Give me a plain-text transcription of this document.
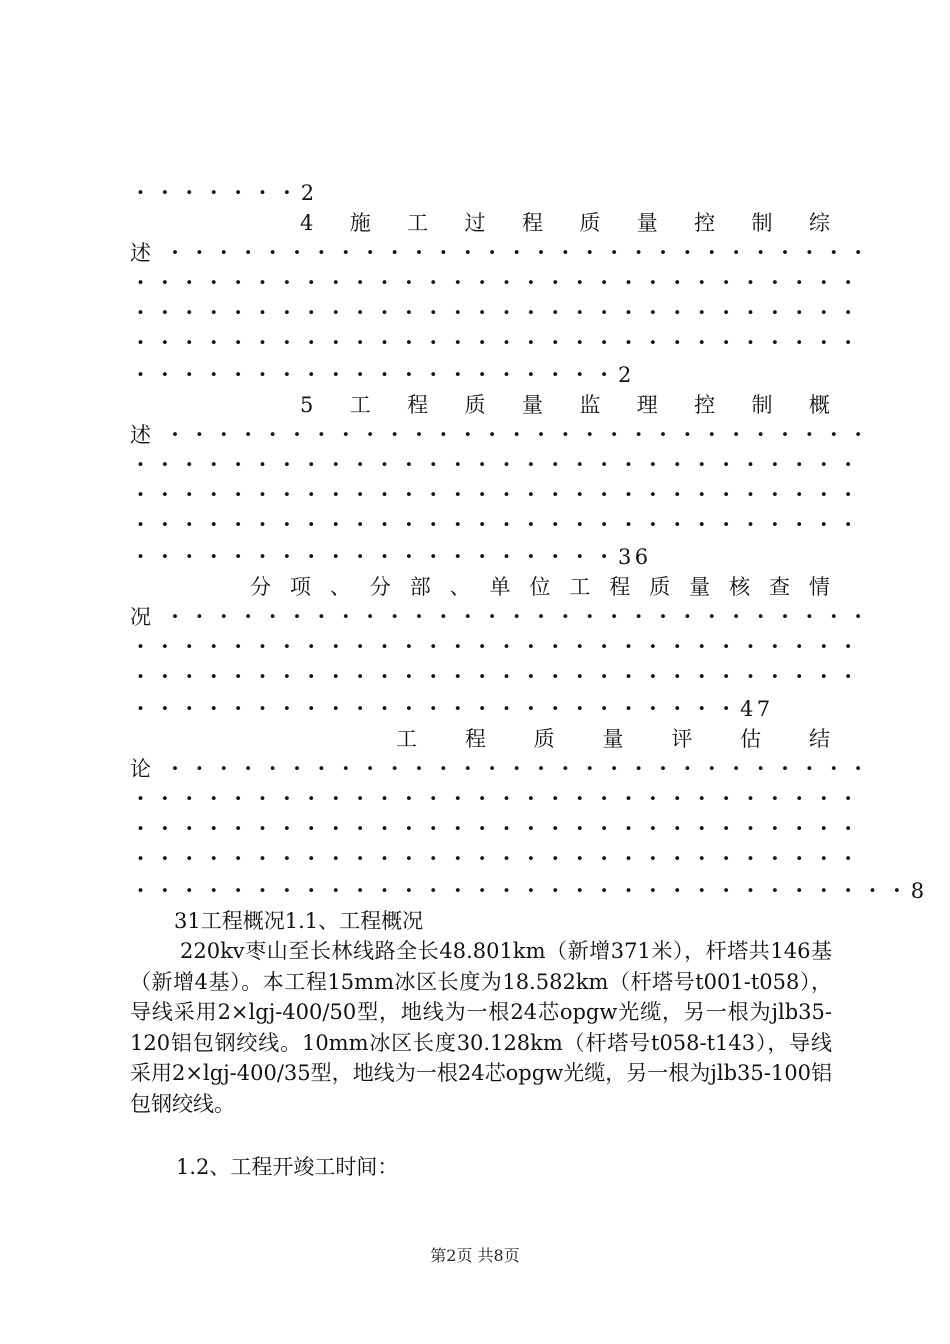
・・・・・・・2
4 施 工 过 程 质 量 控 制 综
述 ・・・・・・・・・・・・・・・・・・・・・・・・・・・・・
・・・・・・・・・・・・・・・・・・・・・・・・・・・・・・
・・・・・・・・・・・・・・・・・・・・・・・・・・・・・・
・・・・・・・・・・・・・・・・・・・・・・・・・・・・・・
・・・・・・・・・・・・・・・・・・・・2
5 工 程 质 量 监 理 控 制 概
述 ・・・・・・・・・・・・・・・・・・・・・・・・・・・・・
・・・・・・・・・・・・・・・・・・・・・・・・・・・・・・
・・・・・・・・・・・・・・・・・・・・・・・・・・・・・・
・・・・・・・・・・・・・・・・・・・・・・・・・・・・・・
・・・・・・・・・・・・・・・・・・・・36
分 项 、 分 部 、 单 位 工 程 质 量 核 查 情
况 ・・・・・・・・・・・・・・・・・・・・・・・・・・・・・
・・・・・・・・・・・・・・・・・・・・・・・・・・・・・・
・・・・・・・・・・・・・・・・・・・・・・・・・・・・・・
・・・・・・・・・・・・・・・・・・・・・・・・・47
工 程 质 量 评 估 结
论 ・・・・・・・・・・・・・・・・・・・・・・・・・・・・・
・・・・・・・・・・・・・・・・・・・・・・・・・・・・・・
・・・・・・・・・・・・・・・・・・・・・・・・・・・・・・
・・・・・・・・・・・・・・・・・・・・・・・・・・・・・・
・・・・・・・・・・・・・・・・・・・・・・・・・・・・・・・・8
31工程概况1.1、工程概况
220kv枣山至长林线路全长48.801km（新增371米），杆塔共146基（新增4基）。本工程15mm冰区长度为18.582km（杆塔号t001-t058），导线采用2×lgj-400/50型，地线为一根24芯opgw光缆，另一根为jlb35-120铝包钢绞线。10mm冰区长度30.128km（杆塔号t058-t143），导线采用2×lgj-400/35型，地线为一根24芯opgw光缆，另一根为jlb35-100铝包钢绞线。
1.2、工程开竣工时间：
第2页 共8页
